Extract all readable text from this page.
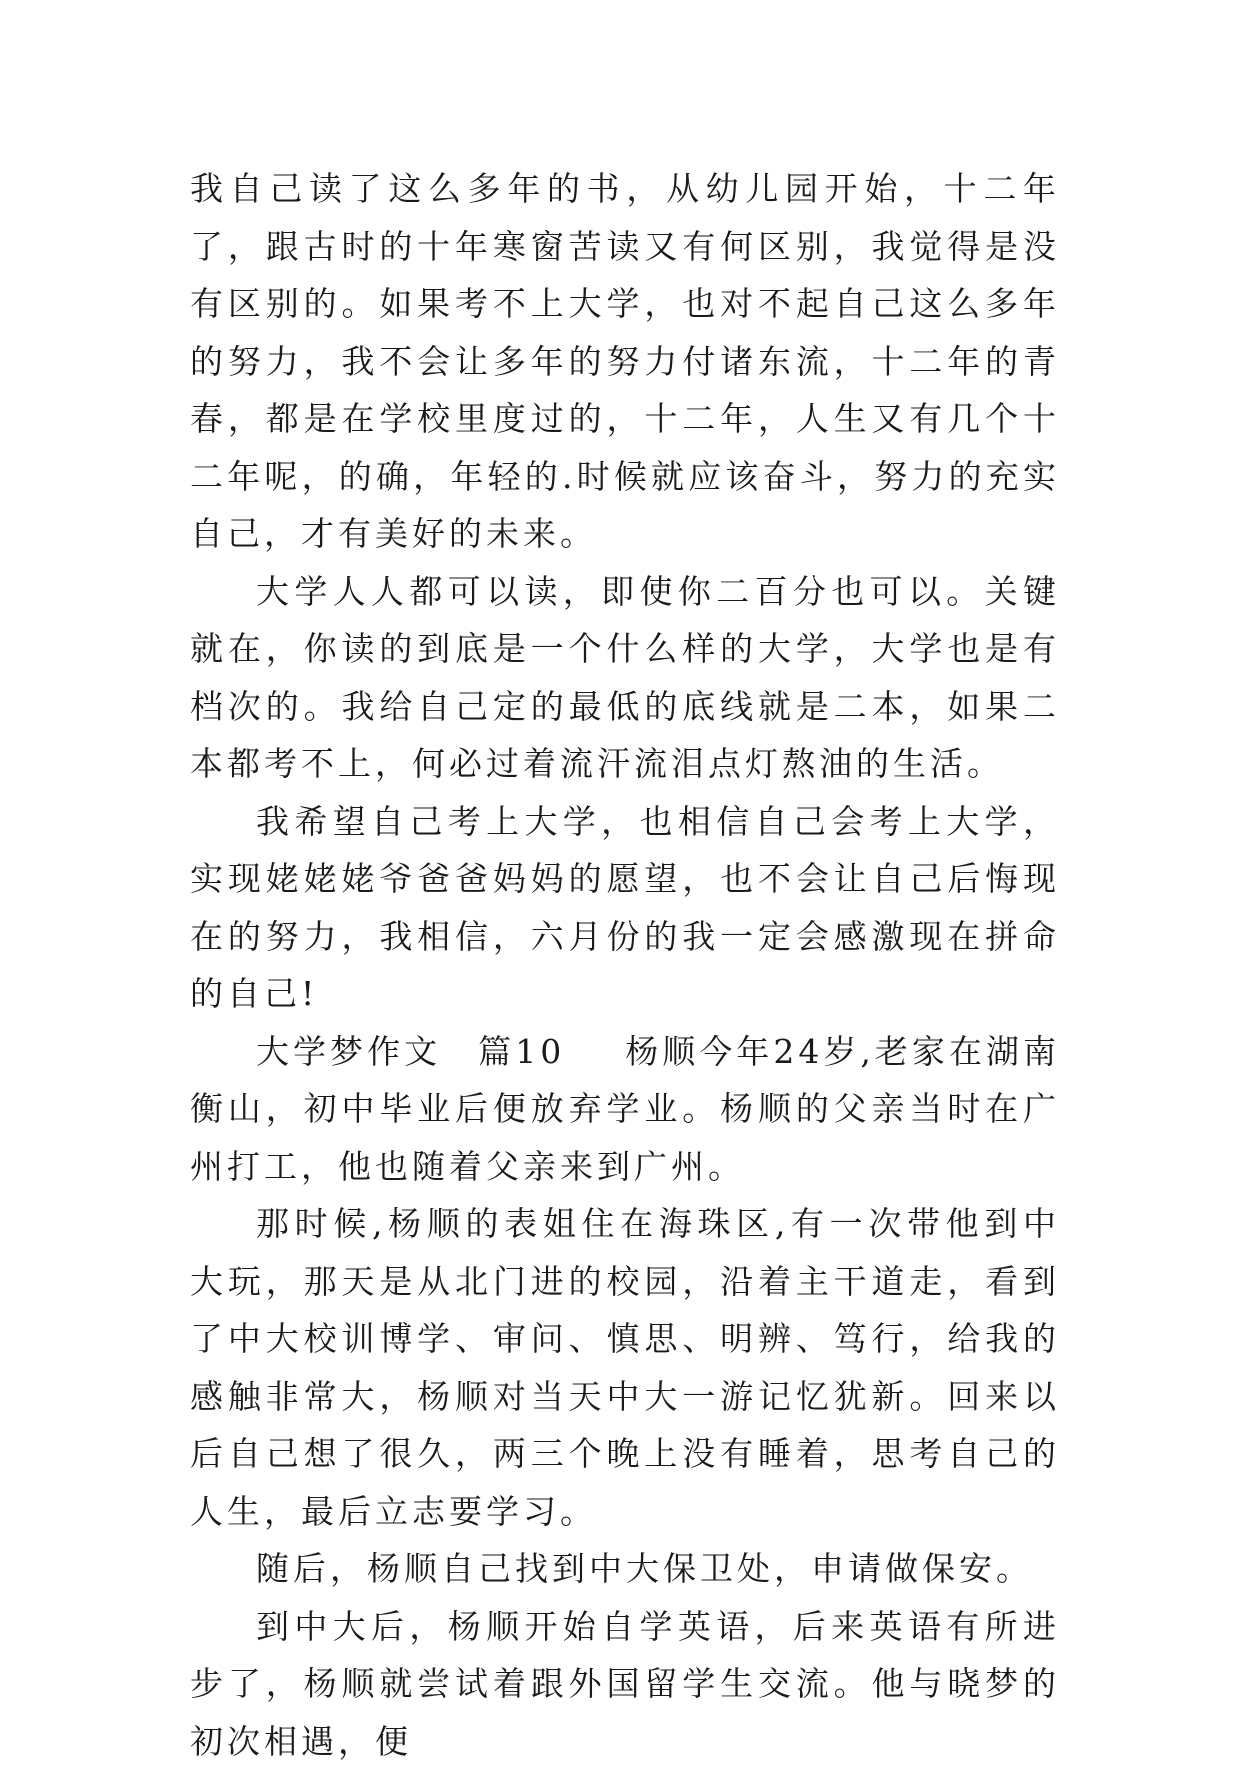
我自己读了这么多年的书，从幼儿园开始，十二年了，跟古时的十年寒窗苦读又有何区别，我觉得是没有区别的。如果考不上大学，也对不起自己这么多年的努力，我不会让多年的努力付诸东流，十二年的青春，都是在学校里度过的，十二年，人生又有几个十二年呢，的确，年轻的.时候就应该奋斗，努力的充实自己，才有美好的未来。

大学人人都可以读，即使你二百分也可以。关键就在，你读的到底是一个什么样的大学，大学也是有档次的。我给自己定的最低的底线就是二本，如果二本都考不上，何必过着流汗流泪点灯熬油的生活。

我希望自己考上大学，也相信自己会考上大学，实现姥姥姥爷爸爸妈妈的愿望，也不会让自己后悔现在的努力，我相信，六月份的我一定会感激现在拼命的自己!

大学梦作文  篇10 杨顺今年24岁,老家在湖南衡山，初中毕业后便放弃学业。杨顺的父亲当时在广州打工，他也随着父亲来到广州。

那时候,杨顺的表姐住在海珠区,有一次带他到中大玩，那天是从北门进的校园，沿着主干道走，看到了中大校训博学、审问、慎思、明辨、笃行，给我的感触非常大，杨顺对当天中大一游记忆犹新。回来以后自己想了很久，两三个晚上没有睡着，思考自己的人生，最后立志要学习。

随后，杨顺自己找到中大保卫处，申请做保安。

到中大后，杨顺开始自学英语，后来英语有所进步了，杨顺就尝试着跟外国留学生交流。他与晓梦的初次相遇，便
